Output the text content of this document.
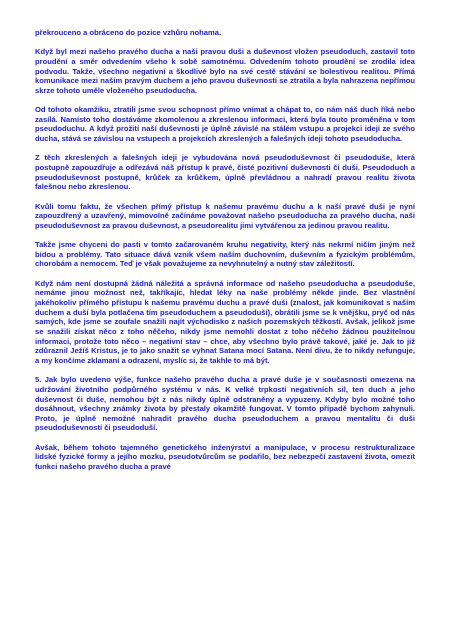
překrouceno a obráceno do pozice vzhůru nohama.

Když byl mezi našeho pravého ducha a naši pravou duši a duševnost vložen pseudoduch, zastavil toto proudění a směr odvedením všeho k sobě samotnému. Odvedením tohoto proudění se zrodila idea podvodu. Takže, všechno negativní a škodlivé bylo na své cestě stávání se bolestivou realitou. Přímá komunikace mezi naším pravým duchem a jeho pravou duševností se ztratila a byla nahrazena nepřímou skrze tohoto uměle vloženého pseudoducha.

Od tohoto okamžiku, ztratili jsme svou schopnost přímo vnímat a chápat to, co nám náš duch říká nebo zasílá. Namísto toho dostáváme zkomolenou a zkreslenou informaci, která byla touto proměněna v tom pseudoduchu. A když prožití naší duševnosti je úplně závislé na stálém vstupu a projekci ideji ze svého ducha, stává se závislou na vstupech a projekcích zkreslených a falešných ideji tohoto pseudoducha.

Z těch zkreslených a falešných ideji je vybudována nová pseudoduševnost či pseudoduše, která postupně zapouzdřuje a odřezává náš přístup k pravé, čisté pozitivní duševnosti či duši. Pseudoduch a pseudoduševnost postupně, krůček za krůčkem, úplně převládnou a nahradí pravou realitu života falešnou nebo zkreslenou.

Kvůli tomu faktu, že všechen přímý přístup k našemu pravému duchu a k naší pravé duši je nyní zapouzdřený a uzavřený, mimovolně začínáme považovat našeho pseudoducha za pravého ducha, naši pseudoduševnost za pravou duševnost, a pseudorealitu jimi vytvářenou za jedinou pravou realitu.

Takže jsme chyceni do pasti v tomto začarovaném kruhu negativity, který nás nekrmí ničím jiným než bídou a problémy. Tato situace dává vznik všem naším duchovním, duševním a fyzickým problémům, chorobám a nemocem. Teď je však považujeme za nevyhnutelný a nutný stav záležitostí.

Když nám není dostupná žádná náležitá a správná informace od našeho pseudoducha a pseudoduše, nemáme jinou možnost než, takříkajíc, hledat léky na naše problémy někde jinde. Bez vlastnění jakéhokoliv přímého přístupu k našemu pravému duchu a pravé duši (znalost, jak komunikovat s naším duchem a duší byla potlačena tím pseudoduchem a pseudoduší), obrátili jsme se k vnějšku, pryč od nás samých, kde jsme se zoufale snažili najít východisko z našich pozemských těžkostí. Avšak, jelikož jsme se snažili získat něco z toho něčeho, nikdy jsme nemohli dostat z toho něčeho žádnou použitelnou informaci, protože toto něco – negativní stav – chce, aby všechno bylo právě takové, jaké je. Jak to již zdůraznil Ježíš Kristus, je to jako snažit se vyhnat Satana mocí Satana. Není divu, že to nikdy nefunguje, a my končíme zklamaní a odrazení, myslíc si, že takhle to má být.

5. Jak bylo uvedeno výše, funkce našeho pravého ducha a pravé duše je v současnosti omezena na udržování životního podpůrného systému v nás. K velké trpkosti negativních sil, ten duch a jeho duševnost či duše, nemohou být z nás nikdy úplně odstraněny a vypuzeny. Kdyby bylo možné toho dosáhnout, všechny známky života by přestaly okamžitě fungovat. V tomto případě bychom zahynuli. Proto, je úplně nemožné nahradit pravého ducha pseudoduchem a pravou mentalitu či duši pseudoduševností či pseudoduší.

Avšak, během tohoto tajemného genetického inženýrství a manipulace, v procesu restrukturalizace lidské fyzické formy a jejího mozku, pseudotvůrcům se podařilo, bez nebezpečí zastavení života, omezit funkci našeho pravého ducha a pravé
